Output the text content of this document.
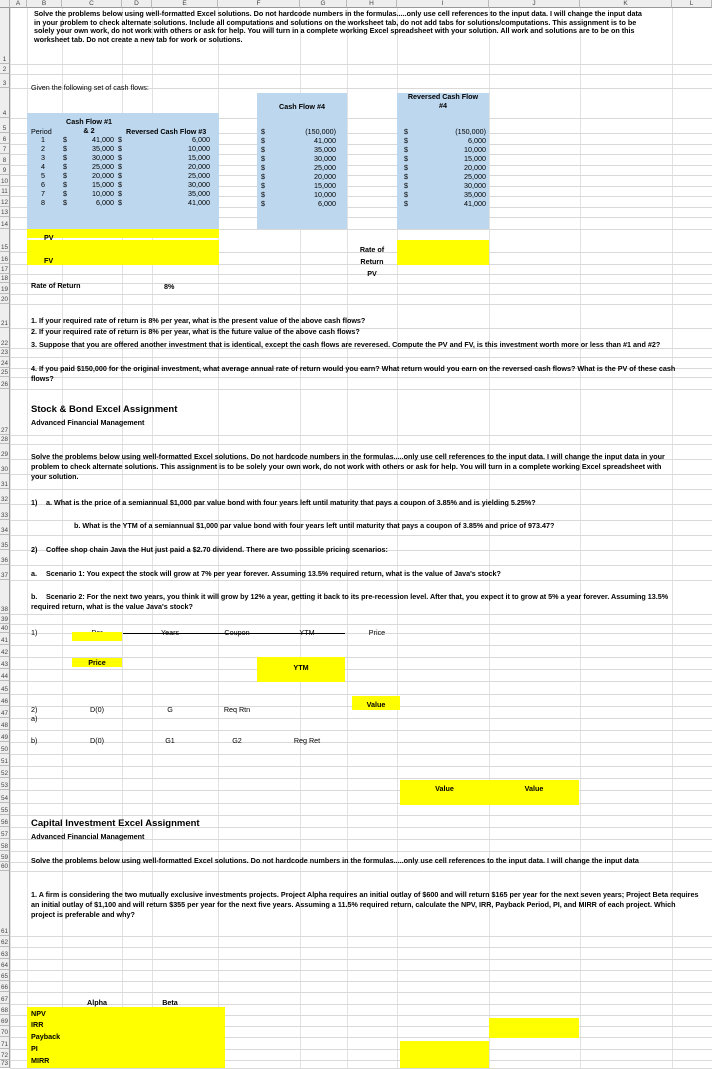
A	B	C	D	E	F	G	H	I	J	K	L
1
2
3
4
5
6
7
8
9
10
11
12
13
14
15
16
17
18
19
20
21
22
23
24
25
26
27
28
29
30
31
32
33
34
35
36
37
38
39
40
41
42
43
44
45
46
47
48
49
50
51
52
53
54
55
56
57
58
59
60
61
62
63
64
65
66
67
68
69
70
71
72
73
Solve the problems below using well-formatted Excel solutions. Do not hardcode numbers in the formulas.....only use cell references to the input data. I will change the input data in your problem to check alternate solutions. Include all computations and solutions on the worksheet tab, do not add tabs for solutions/computations. This assignment is to be solely your own work, do not work with others or ask for help. You will turn in a complete working Excel spreadsheet with your solution. All work and solutions are to be on this worksheet tab. Do not create a new tab for work or solutions.
Given the following set of cash flows:
Cash Flow #1
& 2
Period	Reversed Cash Flow #3
Cash Flow #4
Reversed Cash Flow
#4
1	$	41,000 $	6,000
2	$	35,000 $	10,000
3	$	30,000 $	15,000
4	$	25,000 $	20,000
5	$	20,000 $	25,000
6	$	15,000 $	30,000
7	$	10,000 $	35,000
8	$	6,000 $	41,000
$	(150,000)	$	(150,000)
$	41,000	$	6,000
$	35,000	$	10,000
$	30,000	$	15,000
$	25,000	$	20,000
$	20,000	$	25,000
$	15,000	$	30,000
$	10,000	$	35,000
$	6,000	$	41,000
PV
FV
Rate of
Return
PV
Rate of Return	8%
1. If your required rate of return is 8% per year, what is the present value of the above cash flows?
2. If your required rate of return is 8% per year, what is the future value of the above cash flows?
3. Suppose that you are offered another investment that is identical, except the cash flows are reveresed. Compute the PV and FV, is this investment worth more or less than #1 and #2?
4. If you paid $150,000 for the original investment, what average annual rate of return would you earn? What return would you earn on the reversed cash flows? What is the PV of these cash flows?
Stock & Bond Excel Assignment
Advanced Financial Management
Solve the problems below using well-formatted Excel solutions. Do not hardcode numbers in the formulas.....only use cell references to the input data. I will change the input data in your problem to check alternate solutions. This assignment is to be solely your own work, do not work with others or ask for help. You will turn in a complete working Excel spreadsheet with your solution.
1) a. What is the price of a semiannual $1,000 par value bond with four years left until maturity that pays a coupon of 3.85% and is yielding 5.25%?
b. What is the YTM of a semiannual $1,000 par value bond with four years left until maturity that pays a coupon of 3.85% and price of 973.47?
2) Coffee shop chain Java the Hut just paid a $2.70 dividend. There are two possible pricing scenarios:
a. Scenario 1: You expect the stock will grow at 7% per year forever. Assuming 13.5% required return, what is the value of Java's stock?
b.	Scenario 2: For the next two years, you think it will grow by 12% a year, getting it back to its pre-recession level. After that, you expect it to grow at 5% a year forever. Assuming 13.5% required return, what is the value Java's stock?
1)	Years	Coupon	YTM	Price
Price
YTM
2)	D(0)	G	Req Rtn
Value
a)
b)	D(0)	G1	G2	Reg Ret
Value	Value
Capital Investment Excel Assignment
Advanced Financial Management
Solve the problems below using well-formatted Excel solutions. Do not hardcode numbers in the formulas.....only use cell references to the input data. I will change the input data
1. A firm is considering the two mutually exclusive investments projects. Project Alpha requires an initial outlay of $600 and will return $165 per year for the next seven years; Project Beta requires an initial outlay of $1,100 and will return $355 per year for the next five years. Assuming a 11.5% required return, calculate the NPV, IRR, Payback Period, PI, and MIRR of each project. Which project is preferable and why?
Alpha	Beta
NPV
IRR
Payback
PI
MIRR
